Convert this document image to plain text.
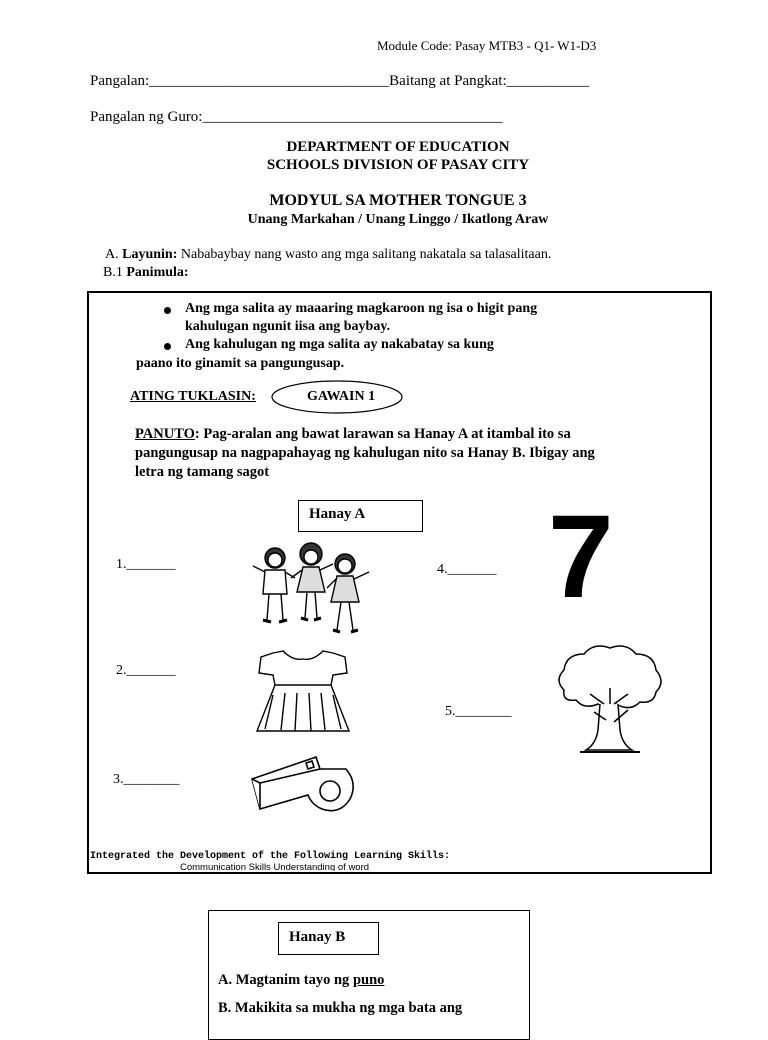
Module Code: Pasay MTB3 - Q1- W1-D3
Pangalan:________________________________Baitang at Pangkat:___________
Pangalan ng Guro:________________________________________
DEPARTMENT OF EDUCATION
SCHOOLS DIVISION OF PASAY CITY
MODYUL SA MOTHER TONGUE 3
Unang Markahan / Unang Linggo / Ikatlong Araw
A. Layunin: Nababaybay nang wasto ang mga salitang nakatala sa talasalitaan.
B.1 Panimula:
Ang mga salita ay maaaring magkaroon ng isa o higit pang
kahulugan ngunit iisa ang baybay.
Ang kahulugan ng mga salita ay nakabatay sa kung
paano ito ginamit sa pangungusap.
ATING TUKLASIN:	GAWAIN 1
PANUTO: Pag-aralan ang bawat larawan sa Hanay A at itambal ito sa
pangungusap na nagpapahayag ng kahulugan nito sa Hanay B. Ibigay ang
letra ng tamang sagot
Hanay A
1._______
2._______
3.________
4._______
5.________
7
Integrated the Development of the Following Learning Skills:
Communication Skills Understanding of word
Hanay B
A. Magtanim tayo ng puno
B. Makikita sa mukha ng mga bata ang
